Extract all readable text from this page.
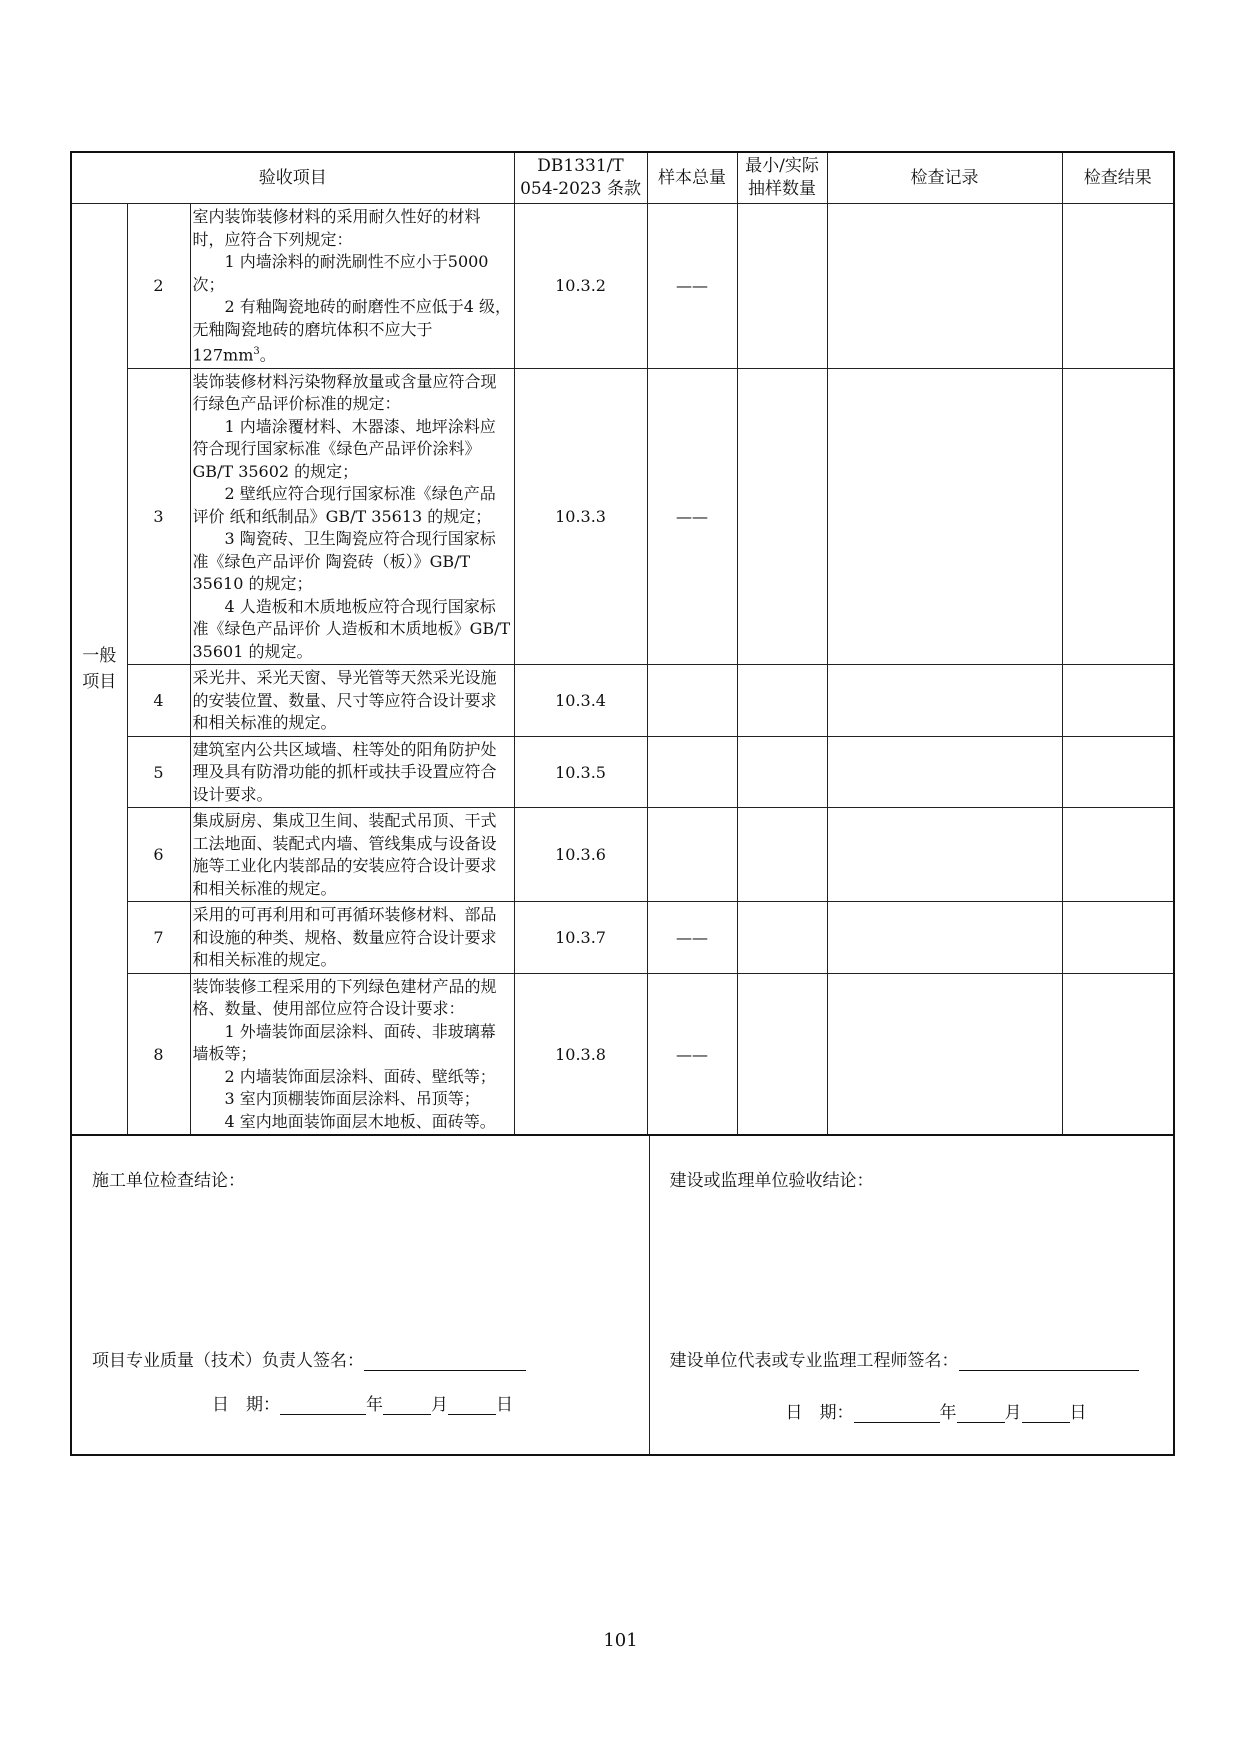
验收项目			DB1331/T
054-2023 条款	样本总量	最小/实际
抽样数量	检查记录	检查结果

一般
项目	2	室内装饰装修材料的采用耐久性好的材料时，应符合下列规定：
1 内墙涂料的耐洗刷性不应小于5000 次；
2 有釉陶瓷地砖的耐磨性不应低于4 级，无釉陶瓷地砖的磨坑体积不应大于 $127mm^3$。	10.3.2	——			
	3	装饰装修材料污染物释放量或含量应符合现行绿色产品评价标准的规定：
1 内墙涂覆材料、木器漆、地坪涂料应符合现行国家标准《绿色产品评价涂料》GB/T 35602 的规定；
2 壁纸应符合现行国家标准《绿色产品评价 纸和纸制品》GB/T 35613 的规定；
3 陶瓷砖、卫生陶瓷应符合现行国家标准《绿色产品评价 陶瓷砖（板）》GB/T 35610 的规定；
4 人造板和木质地板应符合现行国家标准《绿色产品评价 人造板和木质地板》GB/T 35601 的规定。	10.3.3	——			
	4	采光井、采光天窗、导光管等天然采光设施的安装位置、数量、尺寸等应符合设计要求和相关标准的规定。	10.3.4				
	5	建筑室内公共区域墙、柱等处的阳角防护处理及具有防滑功能的抓杆或扶手设置应符合设计要求。	10.3.5				
	6	集成厨房、集成卫生间、装配式吊顶、干式工法地面、装配式内墙、管线集成与设备设施等工业化内装部品的安装应符合设计要求和相关标准的规定。	10.3.6				
	7	采用的可再利用和可再循环装修材料、部品和设施的种类、规格、数量应符合设计要求和相关标准的规定。	10.3.7	——			
	8	装饰装修工程采用的下列绿色建材产品的规格、数量、使用部位应符合设计要求：
1 外墙装饰面层涂料、面砖、非玻璃幕墙板等；
2 内墙装饰面层涂料、面砖、壁纸等；
3 室内顶棚装饰面层涂料、吊顶等；
4 室内地面装饰面层木地板、面砖等。	10.3.8	——			
施工单位检查结论：
项目专业质量（技术）负责人签名：
日　期：	年	月	日

建设或监理单位验收结论：
建设单位代表或专业监理工程师签名：
日　期：	年	月	日
101
